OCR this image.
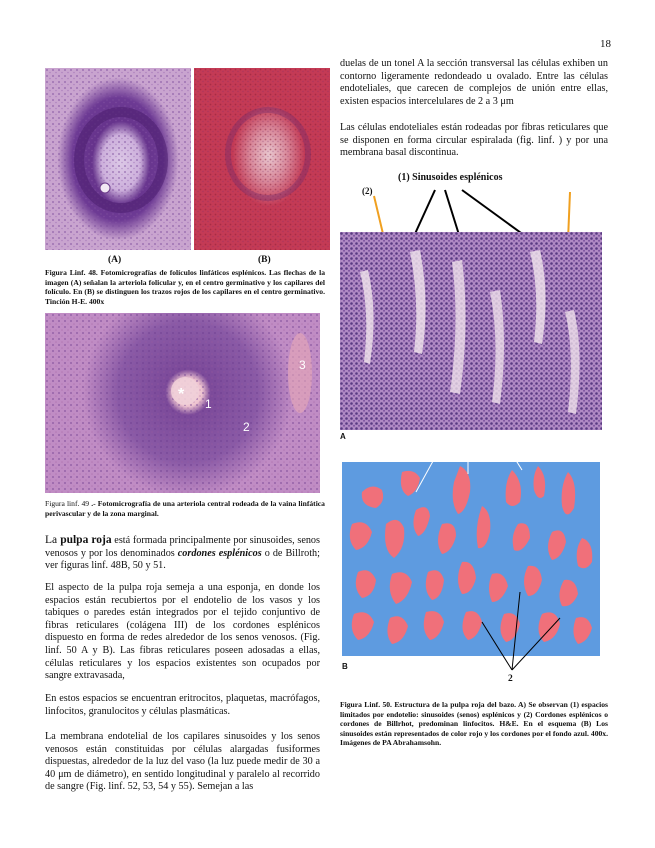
18
(A)	(B)

Figura Linf. 48. Fotomicrografías de folículos linfáticos esplénicos. Las flechas de la imagen (A) señalan la arteriola folicular y, en el centro germinativo y los capilares del folículo. En (B) se distinguen los trazos rojos de los capilares en el centro germinativo. Tinción H-E. 400x

*
1
2
3

Figura linf. 49 .- Fotomicrografía de una arteriola central rodeada de la vaina linfática perivascular y de la zona marginal.

La pulpa roja está formada principalmente por sinusoides, senos venosos y por los denominados cordones esplénicos o de Billroth; ver figuras linf. 48B, 50 y 51.

El aspecto de la pulpa roja semeja a una esponja, en donde los espacios están recubiertos por el endotelio de los vasos y los tabiques o paredes están integrados por el tejido conjuntivo de fibras reticulares (colágena III) de los cordones esplénicos dispuesto en forma de redes alrededor de los senos venosos. (Fig. linf. 50 A y B). Las fibras reticulares poseen adosadas a ellas, células reticulares y los espacios existentes son ocupados por sangre extravasada,

En estos espacios se encuentran eritrocitos, plaquetas, macrófagos, linfocitos, granulocitos y células plasmáticas.

La membrana endotelial de los capilares sinusoides y los senos venosos están constituidas por células alargadas fusiformes dispuestas, alrededor de la luz del vaso (la luz puede medir de 30 a 40 μm de diámetro), en sentido longitudinal y paralelo al recorrido de sangre (Fig. linf. 52, 53, 54 y 55). Semejan a las

duelas de un tonel A la sección transversal las células exhiben un contorno ligeramente redondeado u ovalado. Entre las células endoteliales, que carecen de complejos de unión entre ellas, existen espacios intercelulares de 2 a 3 μm

Las células endoteliales están rodeadas por fibras reticulares que se disponen en forma circular espiralada (fig. linf. ) y por una membrana basal discontinua.

(1) Sinusoides esplénicos
(2)
A
B
2

Figura Linf. 50. Estructura de la pulpa roja del bazo. A) Se observan (1) espacios limitados por endotelio: sinusoides (senos) esplénicos y (2) Cordones esplénicos o cordones de Billrhot, predominan linfocitos. H&E. En el esquema (B) Los sinusoides están representados de color rojo y los cordones por el fondo azul. 400x. Imágenes de PA Abrahamsohn.
